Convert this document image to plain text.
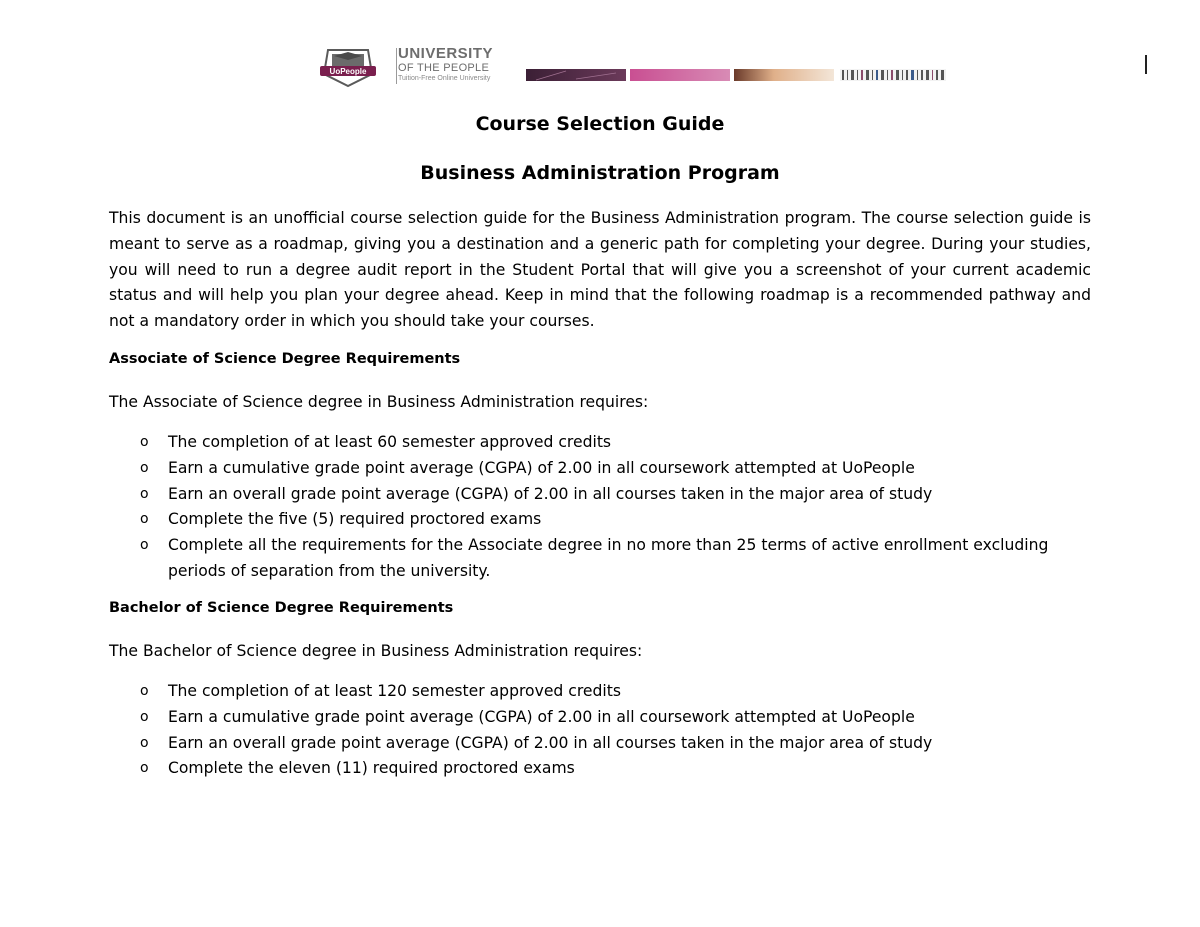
UoPeople
UNIVERSITY
OF THE PEOPLE
Tuition-Free Online University
Course Selection Guide
Business Administration Program

This document is an unofficial course selection guide for the Business Administration program. The course selection guide is meant to serve as a roadmap, giving you a destination and a generic path for completing your degree. During your studies, you will need to run a degree audit report in the Student Portal that will give you a screenshot of your current academic status and will help you plan your degree ahead. Keep in mind that the following roadmap is a recommended pathway and not a mandatory order in which you should take your courses.

Associate of Science Degree Requirements

The Associate of Science degree in Business Administration requires:

o The completion of at least 60 semester approved credits
o Earn a cumulative grade point average (CGPA) of 2.00 in all coursework attempted at UoPeople
o Earn an overall grade point average (CGPA) of 2.00 in all courses taken in the major area of study
o Complete the five (5) required proctored exams
o Complete all the requirements for the Associate degree in no more than 25 terms of active enrollment excluding periods of separation from the university.
Bachelor of Science Degree Requirements

The Bachelor of Science degree in Business Administration requires:

o The completion of at least 120 semester approved credits
o Earn a cumulative grade point average (CGPA) of 2.00 in all coursework attempted at UoPeople
o Earn an overall grade point average (CGPA) of 2.00 in all courses taken in the major area of study
o Complete the eleven (11) required proctored exams
